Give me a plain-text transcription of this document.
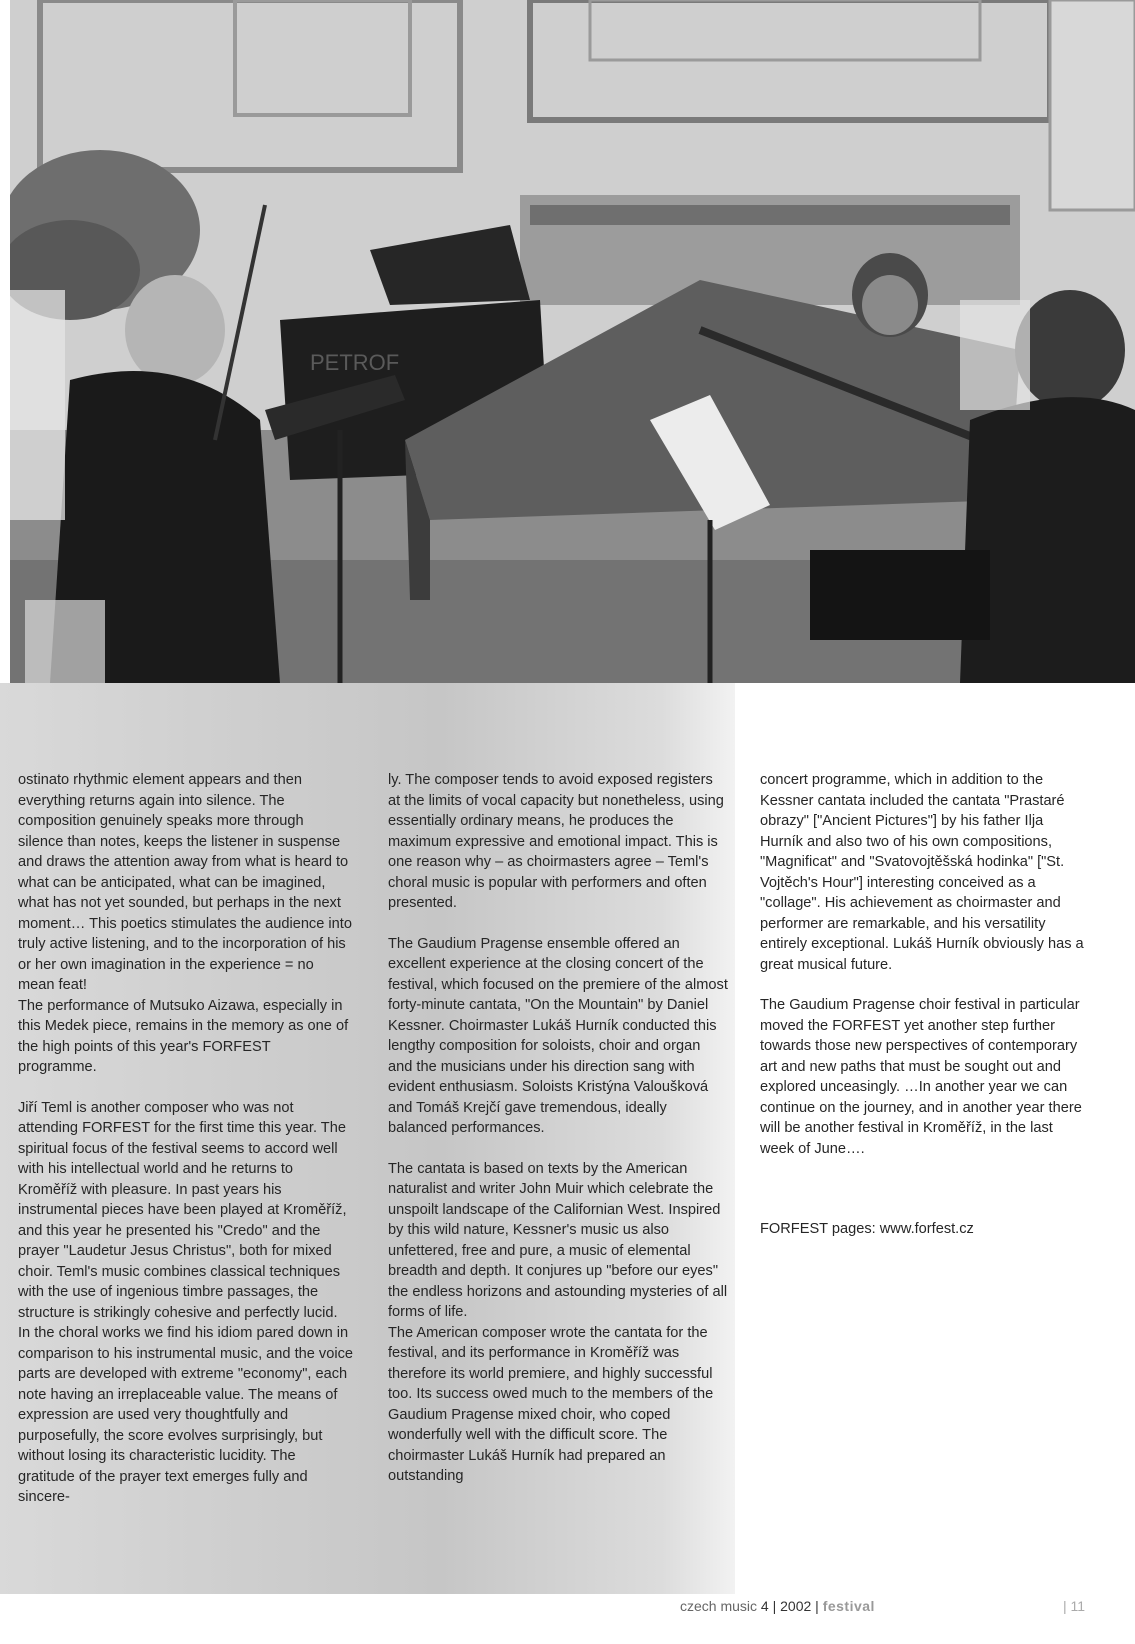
PETROF

ostinato rhythmic element appears and then everything returns again into silence. The composition genuinely speaks more through silence than notes, keeps the listener in suspense and draws the attention away from what is heard to what can be anticipated, what can be imagined, what has not yet sounded, but perhaps in the next moment… This poetics stimulates the audience into truly active listening, and to the incorporation of his or her own imagination in the experience = no mean feat!

The performance of Mutsuko Aizawa, especially in this Medek piece, remains in the memory as one of the high points of this year's FORFEST programme.

Jiří Teml is another composer who was not attending FORFEST for the first time this year. The spiritual focus of the festival seems to accord well with his intellectual world and he returns to Kroměříž with pleasure. In past years his instrumental pieces have been played at Kroměříž, and this year he presented his "Credo" and the prayer "Laudetur Jesus Christus", both for mixed choir. Teml's music combines classical techniques with the use of ingenious timbre passages, the structure is strikingly cohesive and perfectly lucid. In the choral works we find his idiom pared down in comparison to his instrumental music, and the voice parts are developed with extreme "economy", each note having an irreplaceable value. The means of expression are used very thoughtfully and purposefully, the score evolves surprisingly, but without losing its characteristic lucidity. The gratitude of the prayer text emerges fully and sincere-

ly. The composer tends to avoid exposed registers at the limits of vocal capacity but nonetheless, using essentially ordinary means, he produces the maximum expressive and emotional impact. This is one reason why – as choirmasters agree – Teml's choral music is popular with performers and often presented.

The Gaudium Pragense ensemble offered an excellent experience at the closing concert of the festival, which focused on the premiere of the almost forty-minute cantata, "On the Mountain" by Daniel Kessner. Choirmaster Lukáš Hurník conducted this lengthy composition for soloists, choir and organ and the musicians under his direction sang with evident enthusiasm. Soloists Kristýna Valoušková and Tomáš Krejčí gave tremendous, ideally balanced performances.

The cantata is based on texts by the American naturalist and writer John Muir which celebrate the unspoilt landscape of the Californian West. Inspired by this wild nature, Kessner's music us also unfettered, free and pure, a music of elemental breadth and depth. It conjures up "before our eyes" the endless horizons and astounding mysteries of all forms of life.

The American composer wrote the cantata for the festival, and its performance in Kroměříž was therefore its world premiere, and highly successful too. Its success owed much to the members of the Gaudium Pragense mixed choir, who coped wonderfully well with the difficult score. The choirmaster Lukáš Hurník had prepared an outstanding

concert programme, which in addition to the Kessner cantata included the cantata "Prastaré obrazy" ["Ancient Pictures"] by his father Ilja Hurník and also two of his own compositions, "Magnificat" and "Svatovojtěšská hodinka" ["St. Vojtěch's Hour"] interesting conceived as a "collage". His achievement as choirmaster and performer are remarkable, and his versatility entirely exceptional. Lukáš Hurník obviously has a great musical future.

The Gaudium Pragense choir festival in particular moved the FORFEST yet another step further towards those new perspectives of contemporary art and new paths that must be sought out and explored unceasingly. …In another year we can continue on the journey, and in another year there will be another festival in Kroměříž, in the last week of June….

FORFEST pages: www.forfest.cz

czech music 4 | 2002 | festival	| 11
